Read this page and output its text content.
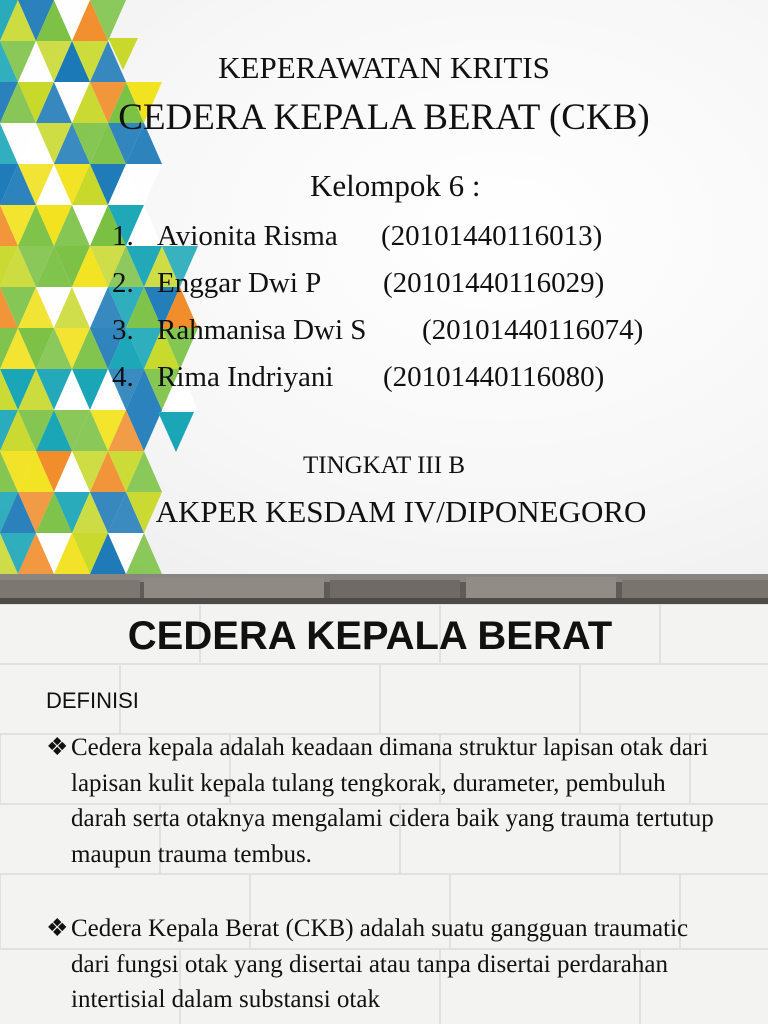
KEPERAWATAN KRITIS

CEDERA KEPALA BERAT (CKB)

Kelompok 6 :

1. Avionita Risma (20101440116013)
2. Enggar Dwi P (20101440116029)
3. Rahmanisa Dwi S (20101440116074)
4. Rima Indriyani (20101440116080)

TINGKAT III B

AKPER KESDAM IV/DIPONEGORO

CEDERA KEPALA BERAT
DEFINISI
❖ Cedera kepala adalah keadaan dimana struktur lapisan otak dari lapisan kulit kepala tulang tengkorak, durameter, pembuluh darah serta otaknya mengalami cidera baik yang trauma tertutup maupun trauma tembus.
❖ Cedera Kepala Berat (CKB) adalah suatu gangguan traumatic dari fungsi otak yang disertai atau tanpa disertai perdarahan intertisial dalam substansi otak
